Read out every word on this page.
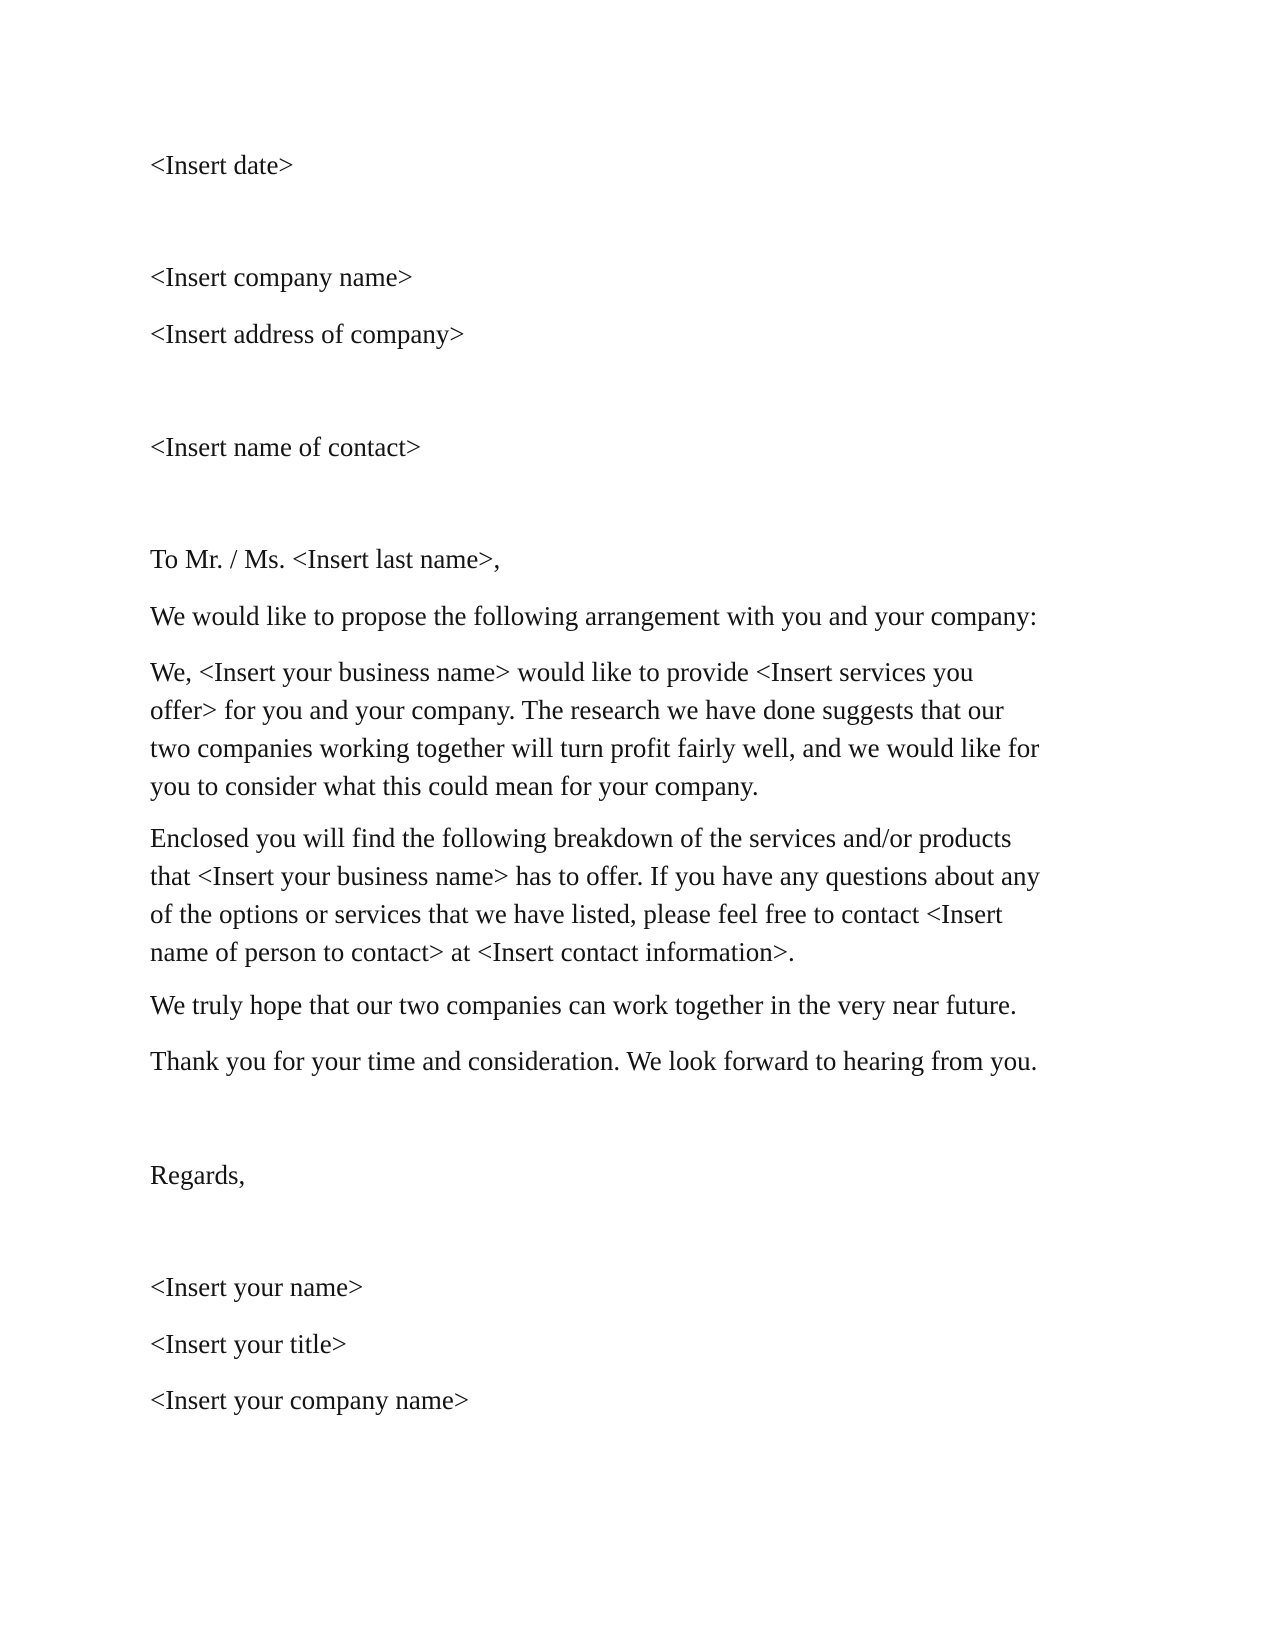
<Insert date>

<Insert company name>

<Insert address of company>

<Insert name of contact>

To Mr. / Ms. <Insert last name>,

We would like to propose the following arrangement with you and your company:

We, <Insert your business name> would like to provide <Insert services you
offer> for you and your company. The research we have done suggests that our
two companies working together will turn profit fairly well, and we would like for
you to consider what this could mean for your company.
Enclosed you will find the following breakdown of the services and/or products
that <Insert your business name> has to offer. If you have any questions about any
of the options or services that we have listed, please feel free to contact <Insert
name of person to contact> at <Insert contact information>.

We truly hope that our two companies can work together in the very near future.

Thank you for your time and consideration. We look forward to hearing from you.

Regards,

<Insert your name>

<Insert your title>

<Insert your company name>
